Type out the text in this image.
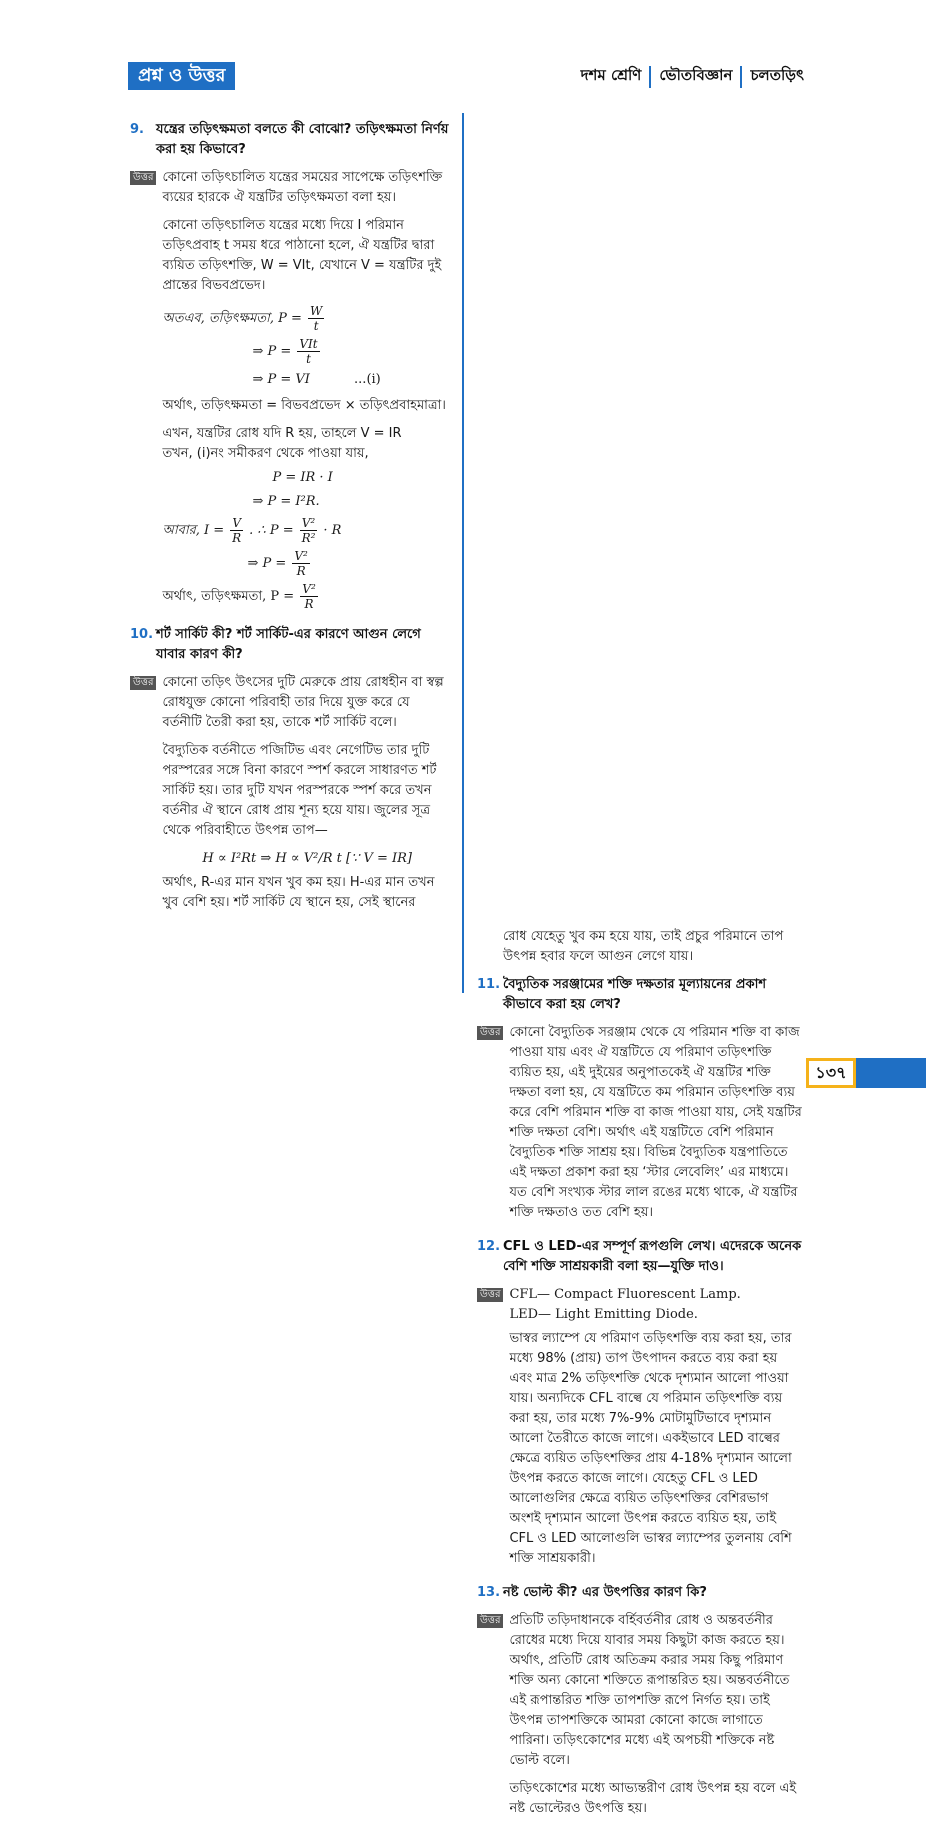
প্রশ্ন ও উত্তর	দশম শ্রেণি ভৌতবিজ্ঞান চলতড়িৎ
9. যন্ত্রের তড়িৎক্ষমতা বলতে কী বোঝো? তড়িৎক্ষমতা নির্ণয় করা হয় কিভাবে?
উত্তর কোনো তড়িৎচালিত যন্ত্রের সময়ের সাপেক্ষে তড়িৎশক্তি ব্যয়ের হারকে ঐ যন্ত্রটির তড়িৎক্ষমতা বলা হয়।

কোনো তড়িৎচালিত যন্ত্রের মধ্যে দিয়ে I পরিমান তড়িৎপ্রবাহ t সময় ধরে পাঠানো হলে, ঐ যন্ত্রটির দ্বারা ব্যয়িত তড়িৎশক্তি, W = VIt, যেখানে V = যন্ত্রটির দুই প্রান্তের বিভবপ্রভেদ।

অতএব, তড়িৎক্ষমতা, $P = \frac{W}{t}$
⇒ $P = \frac{\text{VIt}}{t}$
⇒ P = VI	...(i)

অর্থাৎ, তড়িৎক্ষমতা = বিভবপ্রভেদ × তড়িৎপ্রবাহমাত্রা।

এখন, যন্ত্রটির রোধ যদি R হয়, তাহলে V = IR

তখন, (i)নং সমীকরণ থেকে পাওয়া যায়,

P = IR · I
⇒ P = I²R.
আবার, $I = \frac{V}{R}$ . ∴ $P = \frac{\text{V²}}{\text{R²}} \cdot R$
⇒ $P = \frac{\text{V²}}{R}$
অর্থাৎ, তড়িৎক্ষমতা, $P = \frac{\text{V²}}{R}$
10. শর্ট সার্কিট কী? শর্ট সার্কিট-এর কারণে আগুন লেগে যাবার কারণ কী?
উত্তর কোনো তড়িৎ উৎসের দুটি মেরুকে প্রায় রোধহীন বা স্বল্প রোধযুক্ত কোনো পরিবাহী তার দিয়ে যুক্ত করে যে বর্তনীটি তৈরী করা হয়, তাকে শর্ট সার্কিট বলে।

বৈদ্যুতিক বর্তনীতে পজিটিভ এবং নেগেটিভ তার দুটি পরস্পরের সঙ্গে বিনা কারণে স্পর্শ করলে সাধারণত শর্ট সার্কিট হয়। তার দুটি যখন পরস্পরকে স্পর্শ করে তখন বর্তনীর ঐ স্থানে রোধ প্রায় শূন্য হয়ে যায়। জুলের সূত্র থেকে পরিবাহীতে উৎপন্ন তাপ—

H ∝ I²Rt ⇒ H ∝ V²/R t [∵ V = IR]

অর্থাৎ, R-এর মান যখন খুব কম হয়। H-এর মান তখন খুব বেশি হয়। শর্ট সার্কিট যে স্থানে হয়, সেই স্থানের

রোধ যেহেতু খুব কম হয়ে যায়, তাই প্রচুর পরিমানে তাপ উৎপন্ন হবার ফলে আগুন লেগে যায়।

11. বৈদ্যুতিক সরঞ্জামের শক্তি দক্ষতার মূল্যায়নের প্রকাশ কীভাবে করা হয় লেখ?
উত্তর কোনো বৈদ্যুতিক সরঞ্জাম থেকে যে পরিমান শক্তি বা কাজ পাওয়া যায় এবং ঐ যন্ত্রটিতে যে পরিমাণ তড়িৎশক্তি ব্যয়িত হয়, এই দুইয়ের অনুপাতকেই ঐ যন্ত্রটির শক্তি দক্ষতা বলা হয়, যে যন্ত্রটিতে কম পরিমান তড়িৎশক্তি ব্যয় করে বেশি পরিমান শক্তি বা কাজ পাওয়া যায়, সেই যন্ত্রটির শক্তি দক্ষতা বেশি। অর্থাৎ এই যন্ত্রটিতে বেশি পরিমান বৈদ্যুতিক শক্তি সাশ্রয় হয়। বিভিন্ন বৈদ্যুতিক যন্ত্রপাতিতে এই দক্ষতা প্রকাশ করা হয় ‘স্টার লেবেলিং’ এর মাধ্যমে। যত বেশি সংখ্যক স্টার লাল রঙের মধ্যে থাকে, ঐ যন্ত্রটির শক্তি দক্ষতাও তত বেশি হয়।

12. CFL ও LED-এর সম্পূর্ণ রূপগুলি লেখ। এদেরকে অনেক বেশি শক্তি সাশ্রয়কারী বলা হয়—যুক্তি দাও।
উত্তর CFL— Compact Fluorescent Lamp.

LED— Light Emitting Diode.

ভাস্বর ল্যাম্পে যে পরিমাণ তড়িৎশক্তি ব্যয় করা হয়, তার মধ্যে 98% (প্রায়) তাপ উৎপাদন করতে ব্যয় করা হয় এবং মাত্র 2% তড়িৎশক্তি থেকে দৃশ্যমান আলো পাওয়া যায়। অন্যদিকে CFL বাল্বে যে পরিমান তড়িৎশক্তি ব্যয় করা হয়, তার মধ্যে 7%-9% মোটামুটিভাবে দৃশ্যমান আলো তৈরীতে কাজে লাগে। একইভাবে LED বাল্বের ক্ষেত্রে ব্যয়িত তড়িৎশক্তির প্রায় 4-18% দৃশ্যমান আলো উৎপন্ন করতে কাজে লাগে। যেহেতু CFL ও LED আলোগুলির ক্ষেত্রে ব্যয়িত তড়িৎশক্তির বেশিরভাগ অংশই দৃশ্যমান আলো উৎপন্ন করতে ব্যয়িত হয়, তাই CFL ও LED আলোগুলি ভাস্বর ল্যাম্পের তুলনায় বেশি শক্তি সাশ্রয়কারী।

13. নষ্ট ভোল্ট কী? এর উৎপত্তির কারণ কি?
উত্তর প্রতিটি তড়িদাধানকে বর্হিবর্তনীর রোধ ও অন্তবর্তনীর রোধের মধ্যে দিয়ে যাবার সময় কিছুটা কাজ করতে হয়। অর্থাৎ, প্রতিটি রোধ অতিক্রম করার সময় কিছু পরিমাণ শক্তি অন্য কোনো শক্তিতে রূপান্তরিত হয়। অন্তবর্তনীতে এই রূপান্তরিত শক্তি তাপশক্তি রূপে নির্গত হয়। তাই উৎপন্ন তাপশক্তিকে আমরা কোনো কাজে লাগাতে পারিনা। তড়িৎকোশের মধ্যে এই অপচয়ী শক্তিকে নষ্ট ভোল্ট বলে।

তড়িৎকোশের মধ্যে আভ্যন্তরীণ রোধ উৎপন্ন হয় বলে এই নষ্ট ভোল্টেরও উৎপত্তি হয়।

১৩৭
